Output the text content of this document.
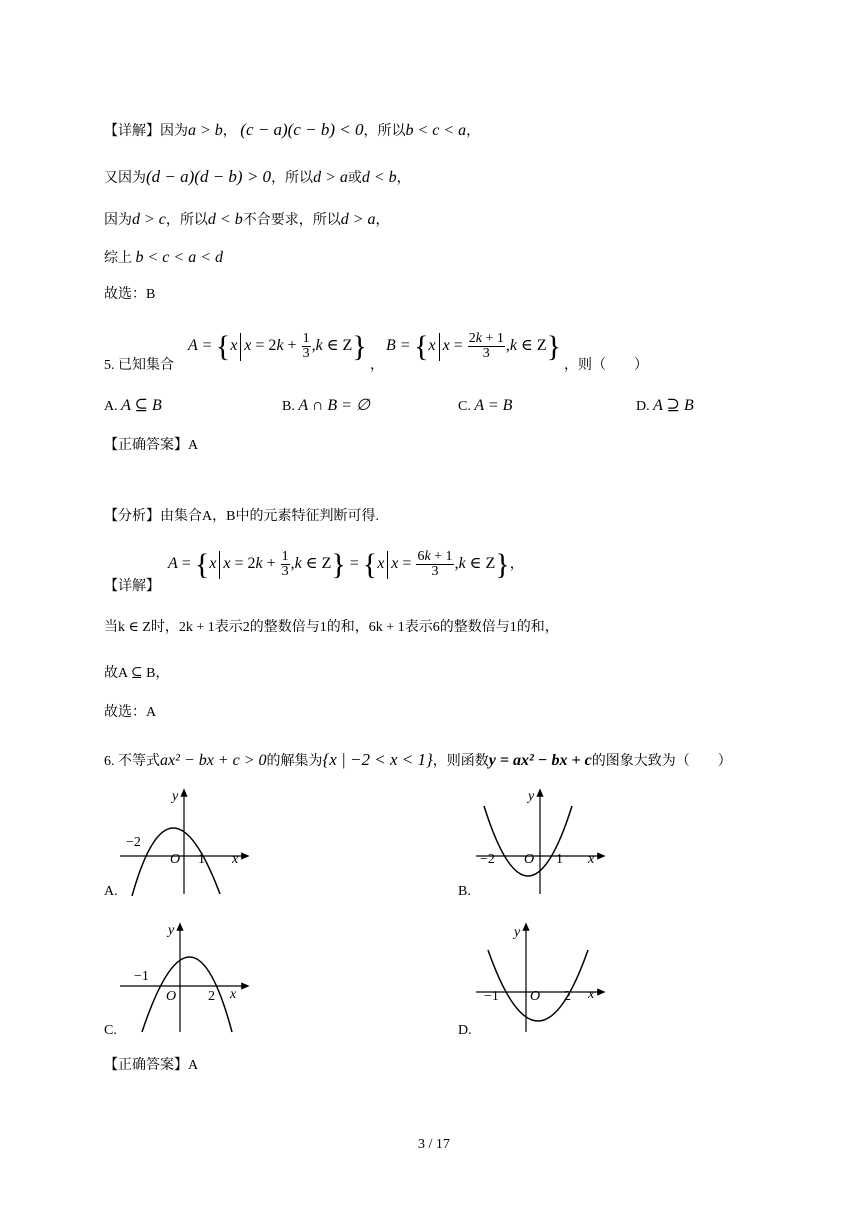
【详解】因为a > b， (c − a)(c − b) < 0，所以b < c < a，
又因为(d − a)(d − b) > 0，所以d > a或d < b，
因为d > c，所以d < b不合要求，所以d > a，
综上 b < c < a < d
故选：B
A = {x $x = 2k + \frac{1}{3} ,k$ ∈ Z} B = {x $x = \frac{2k + 1}{3} ,k$ ∈ Z}
5. 已知集合	，	，则（　　）
A. A ⊆ B	B. A ∩ B = ∅	C. A = B	D. A ⊇ B
【正确答案】A
【分析】由集合A，B中的元素特征判断可得.
A = {x $x = 2k + \frac{1}{3} ,k$ ∈ Z} = {x $x = \frac{6k + 1}{3} ,k$ ∈ Z}，
【详解】
当k ∈ Z时，2k + 1表示2的整数倍与1的和，6k + 1表示6的整数倍与1的和，
故A ⊆ B，
故选：A
6. 不等式ax² − bx + c > 0的解集为{x | −2 < x < 1}，则函数y = ax² − bx + c的图象大致为（　　）
−2
O 1 x
y
A.
−2 O 1 x
y
B.
−1
O 2 x
y
C.
−1 O 2 x
y
D.
【正确答案】A
3 / 17
